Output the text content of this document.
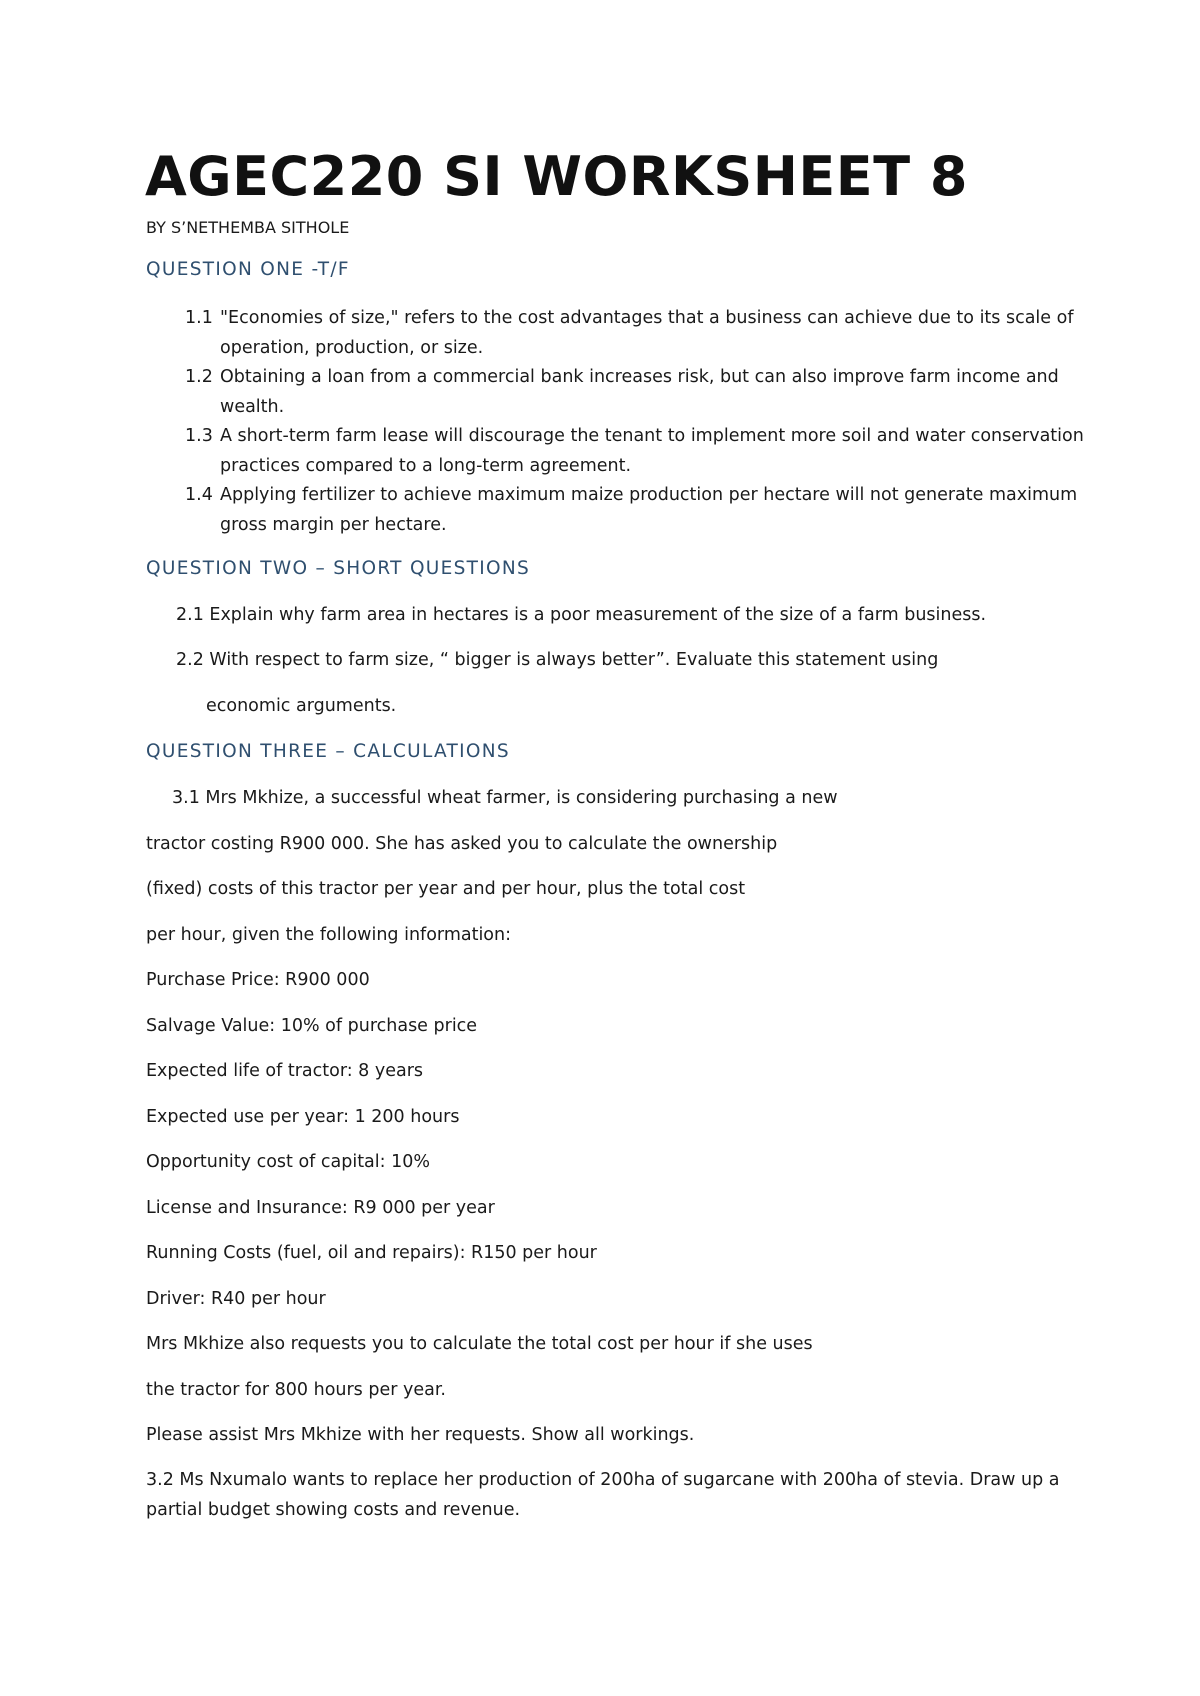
AGEC220 SI WORKSHEET 8
BY S’NETHEMBA SITHOLE
QUESTION ONE -T/F
1.1 "Economies of size," refers to the cost advantages that a business can achieve due to its scale of operation, production, or size.
1.2 Obtaining a loan from a commercial bank increases risk, but can also improve farm income and wealth.
1.3 A short-term farm lease will discourage the tenant to implement more soil and water conservation practices compared to a long-term agreement.
1.4 Applying fertilizer to achieve maximum maize production per hectare will not generate maximum gross margin per hectare.
QUESTION TWO – SHORT QUESTIONS
2.1 Explain why farm area in hectares is a poor measurement of the size of a farm business.
2.2 With respect to farm size, “ bigger is always better”. Evaluate this statement using
economic arguments.
QUESTION THREE – CALCULATIONS
3.1 Mrs Mkhize, a successful wheat farmer, is considering purchasing a new
tractor costing R900 000. She has asked you to calculate the ownership
(fixed) costs of this tractor per year and per hour, plus the total cost
per hour, given the following information:
Purchase Price: R900 000
Salvage Value: 10% of purchase price
Expected life of tractor: 8 years
Expected use per year: 1 200 hours
Opportunity cost of capital: 10%
License and Insurance: R9 000 per year
Running Costs (fuel, oil and repairs): R150 per hour
Driver: R40 per hour
Mrs Mkhize also requests you to calculate the total cost per hour if she uses
the tractor for 800 hours per year.
Please assist Mrs Mkhize with her requests. Show all workings.

3.2 Ms Nxumalo wants to replace her production of 200ha of sugarcane with 200ha of stevia. Draw up a partial budget showing costs and revenue.
